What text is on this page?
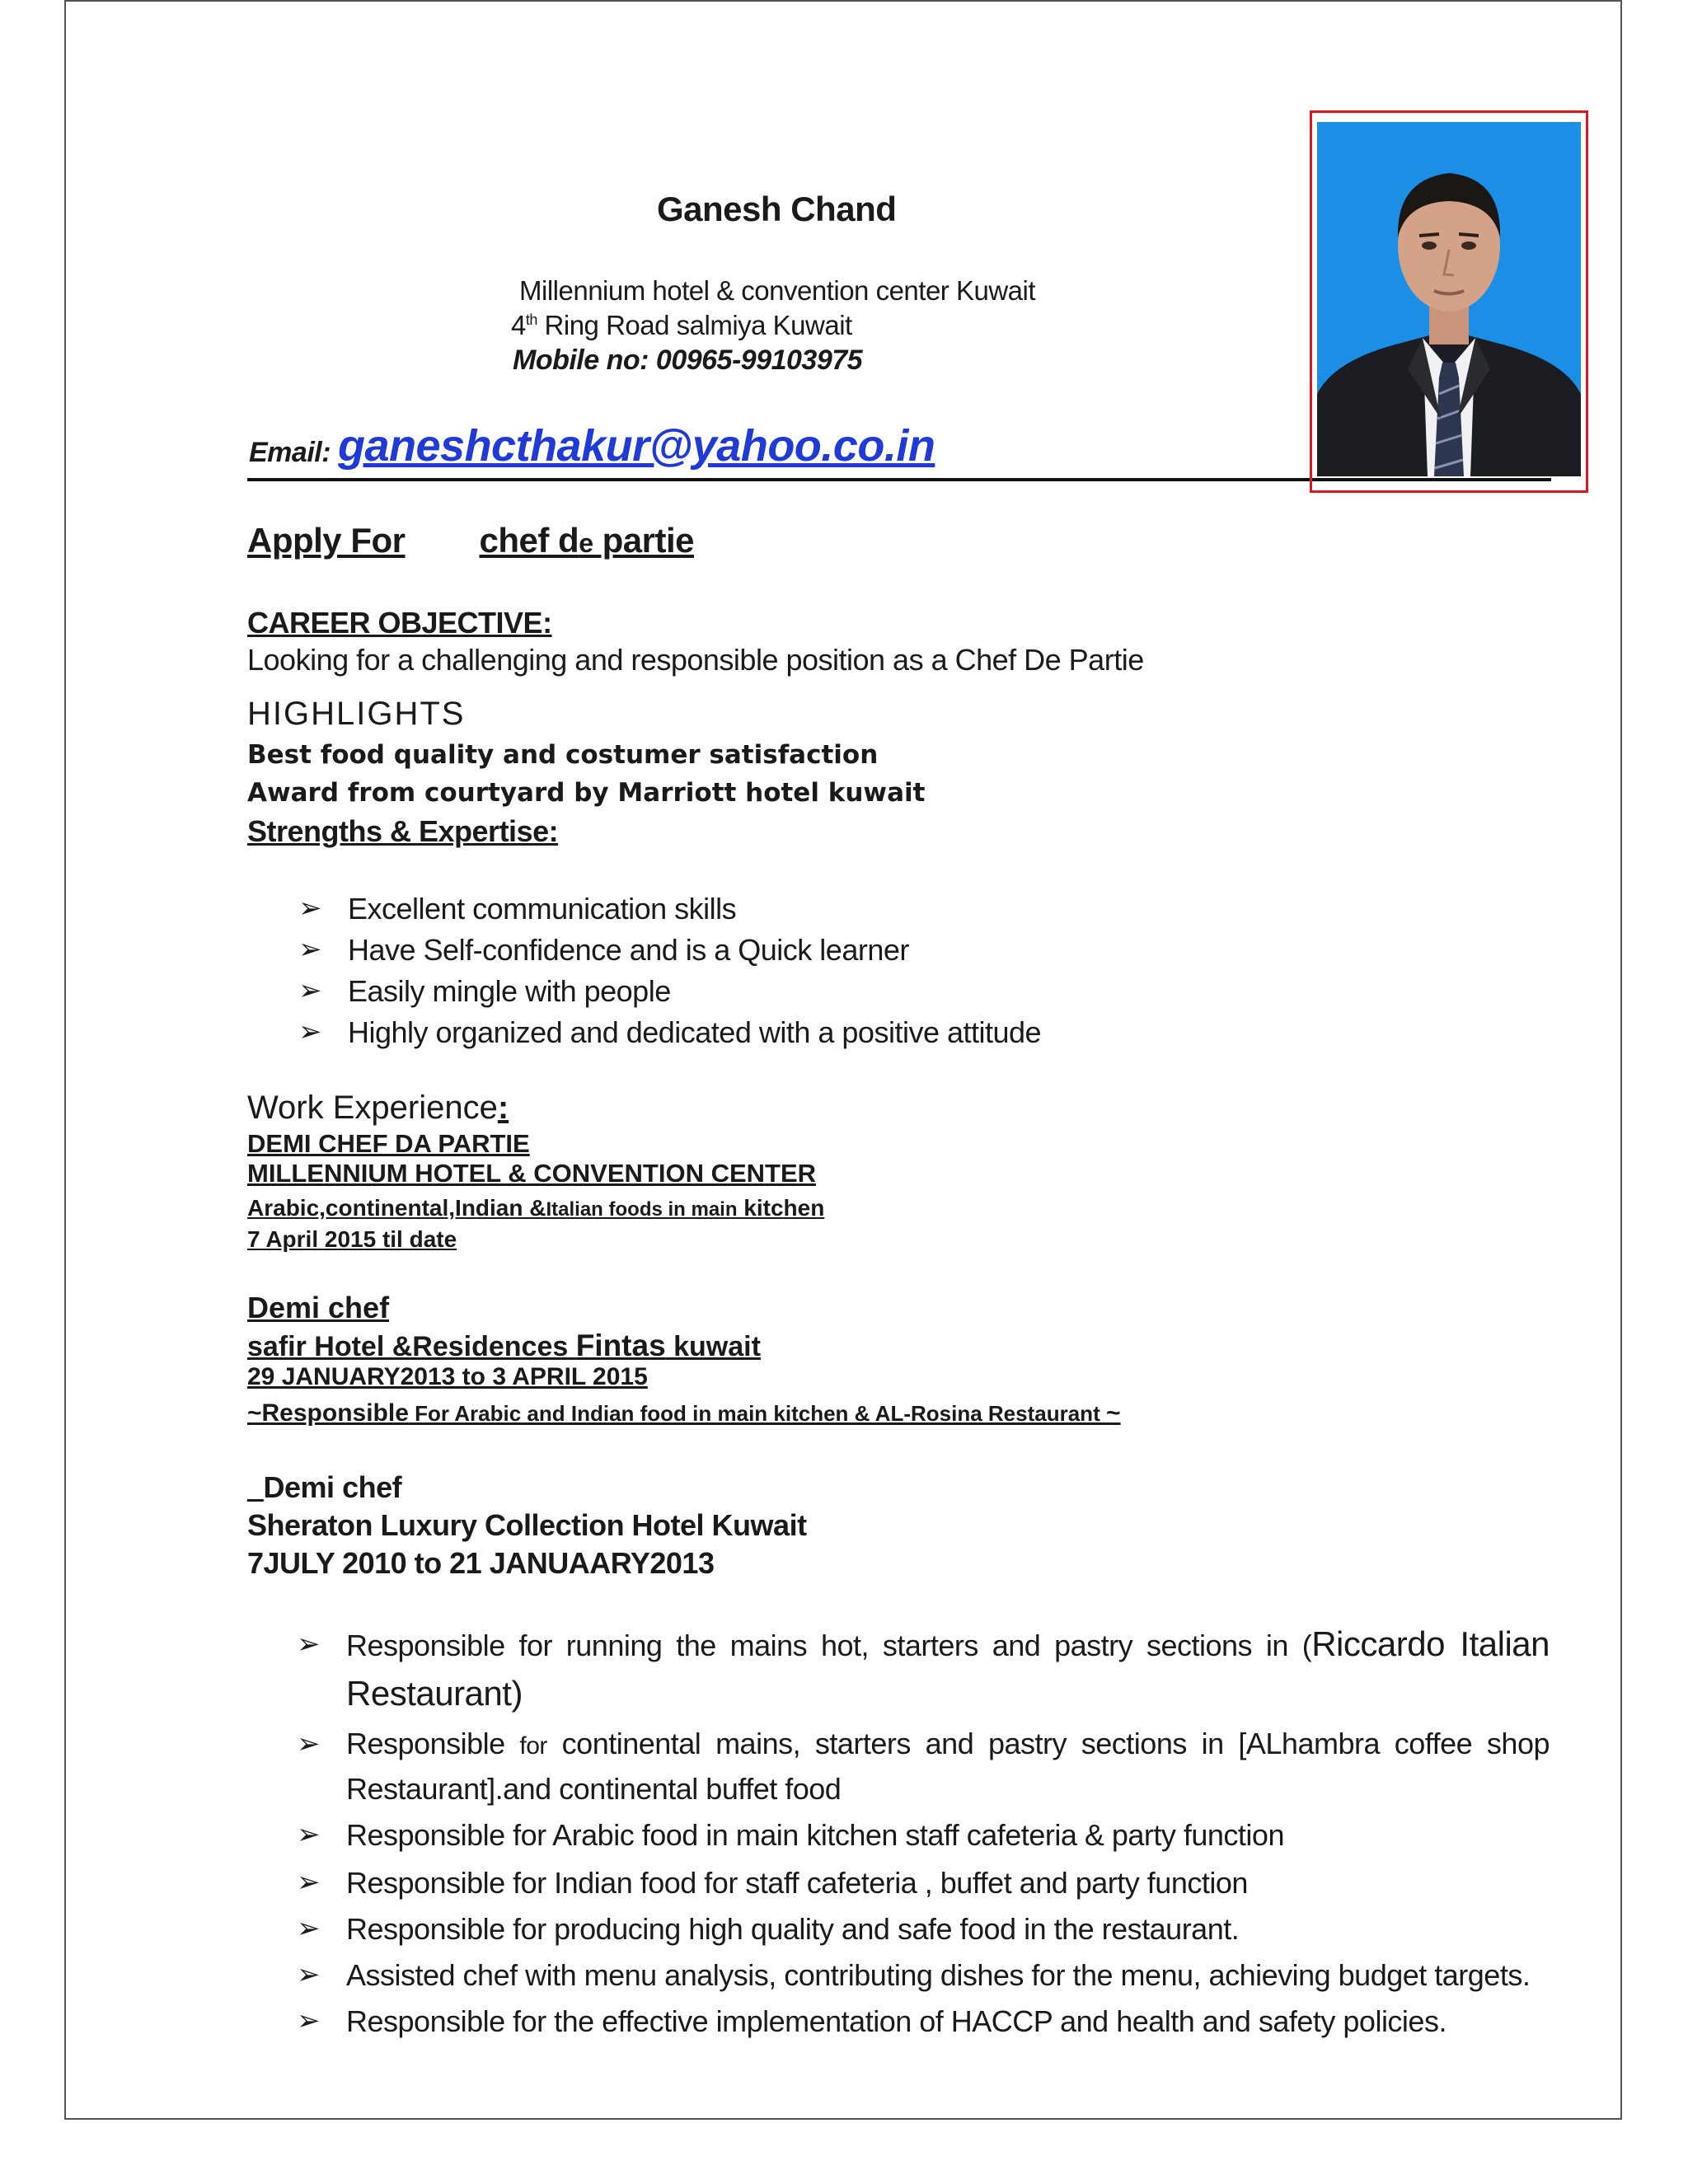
Ganesh Chand
Millennium hotel & convention center Kuwait
4th Ring Road salmiya Kuwait
Mobile no: 00965-99103975
Email: ganeshcthakur@yahoo.co.in
Apply For chef de partie
CAREER OBJECTIVE:
Looking for a challenging and responsible position as a Chef De Partie
HIGHLIGHTS
Best food quality and costumer satisfaction
Award from courtyard by Marriott hotel kuwait
Strengths & Expertise:
➢ Excellent communication skills
➢ Have Self-confidence and is a Quick learner
➢ Easily mingle with people
➢ Highly organized and dedicated with a positive attitude
Work Experience:
DEMI CHEF DA PARTIE
MILLENNIUM HOTEL & CONVENTION CENTER
Arabic,continental,Indian &Italian foods in main kitchen
7 April 2015 til date
Demi chef
safir Hotel &Residences Fintas kuwait
29 JANUARY2013 to 3 APRIL 2015
~Responsible For Arabic and Indian food in main kitchen & AL-Rosina Restaurant ~
_Demi chef
Sheraton Luxury Collection Hotel Kuwait
7JULY 2010 to 21 JANUAARY2013
➢ Responsible for running the mains hot, starters and pastry sections in (Riccardo Italian Restaurant)
➢ Responsible for continental mains, starters and pastry sections in [ALhambra coffee shop Restaurant].and continental buffet food
➢ Responsible for Arabic food in main kitchen staff cafeteria & party function
➢ Responsible for Indian food for staff cafeteria , buffet and party function
➢ Responsible for producing high quality and safe food in the restaurant.
➢ Assisted chef with menu analysis, contributing dishes for the menu, achieving budget targets.
➢ Responsible for the effective implementation of HACCP and health and safety policies.
